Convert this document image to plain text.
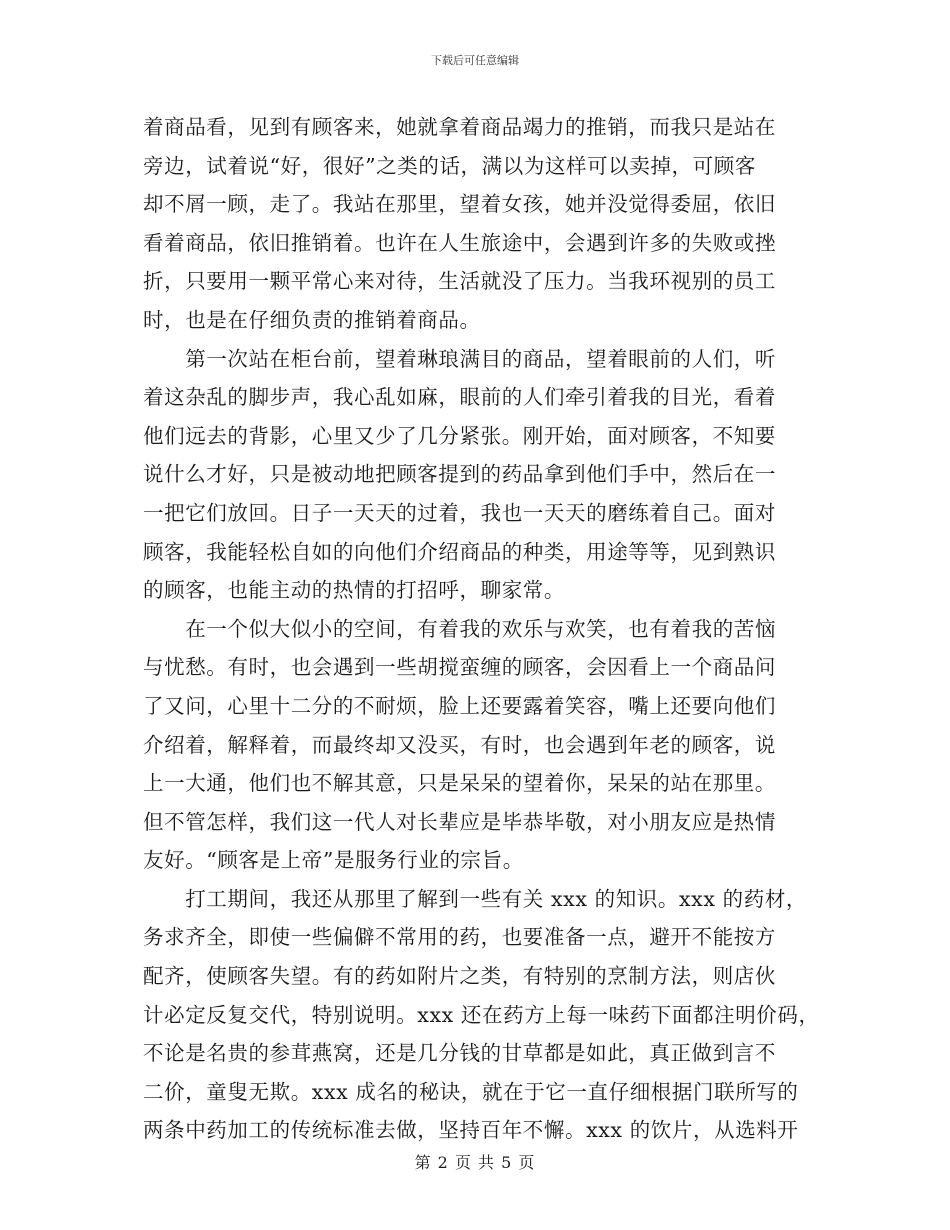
下载后可任意编辑
着商品看，见到有顾客来，她就拿着商品竭力的推销，而我只是站在
旁边，试着说“好，很好”之类的话，满以为这样可以卖掉，可顾客
却不屑一顾，走了。我站在那里，望着女孩，她并没觉得委屈，依旧
看着商品，依旧推销着。也许在人生旅途中，会遇到许多的失败或挫
折，只要用一颗平常心来对待，生活就没了压力。当我环视别的员工
时，也是在仔细负责的推销着商品。
　　第一次站在柜台前，望着琳琅满目的商品，望着眼前的人们，听
着这杂乱的脚步声，我心乱如麻，眼前的人们牵引着我的目光，看着
他们远去的背影，心里又少了几分紧张。刚开始，面对顾客，不知要
说什么才好，只是被动地把顾客提到的药品拿到他们手中，然后在一
一把它们放回。日子一天天的过着，我也一天天的磨练着自己。面对
顾客，我能轻松自如的向他们介绍商品的种类，用途等等，见到熟识
的顾客，也能主动的热情的打招呼，聊家常。
　　在一个似大似小的空间，有着我的欢乐与欢笑，也有着我的苦恼
与忧愁。有时，也会遇到一些胡搅蛮缠的顾客，会因看上一个商品问
了又问，心里十二分的不耐烦，脸上还要露着笑容，嘴上还要向他们
介绍着，解释着，而最终却又没买，有时，也会遇到年老的顾客，说
上一大通，他们也不解其意，只是呆呆的望着你，呆呆的站在那里。
但不管怎样，我们这一代人对长辈应是毕恭毕敬，对小朋友应是热情
友好。“顾客是上帝”是服务行业的宗旨。
　　打工期间，我还从那里了解到一些有关 xxx 的知识。xxx 的药材，
务求齐全，即使一些偏僻不常用的药，也要准备一点，避开不能按方
配齐，使顾客失望。有的药如附片之类，有特别的烹制方法，则店伙
计必定反复交代，特别说明。xxx 还在药方上每一味药下面都注明价码，
不论是名贵的参茸燕窝，还是几分钱的甘草都是如此，真正做到言不
二价，童叟无欺。xxx 成名的秘诀，就在于它一直仔细根据门联所写的
两条中药加工的传统标准去做，坚持百年不懈。xxx 的饮片，从选料开
第 2 页 共 5 页
